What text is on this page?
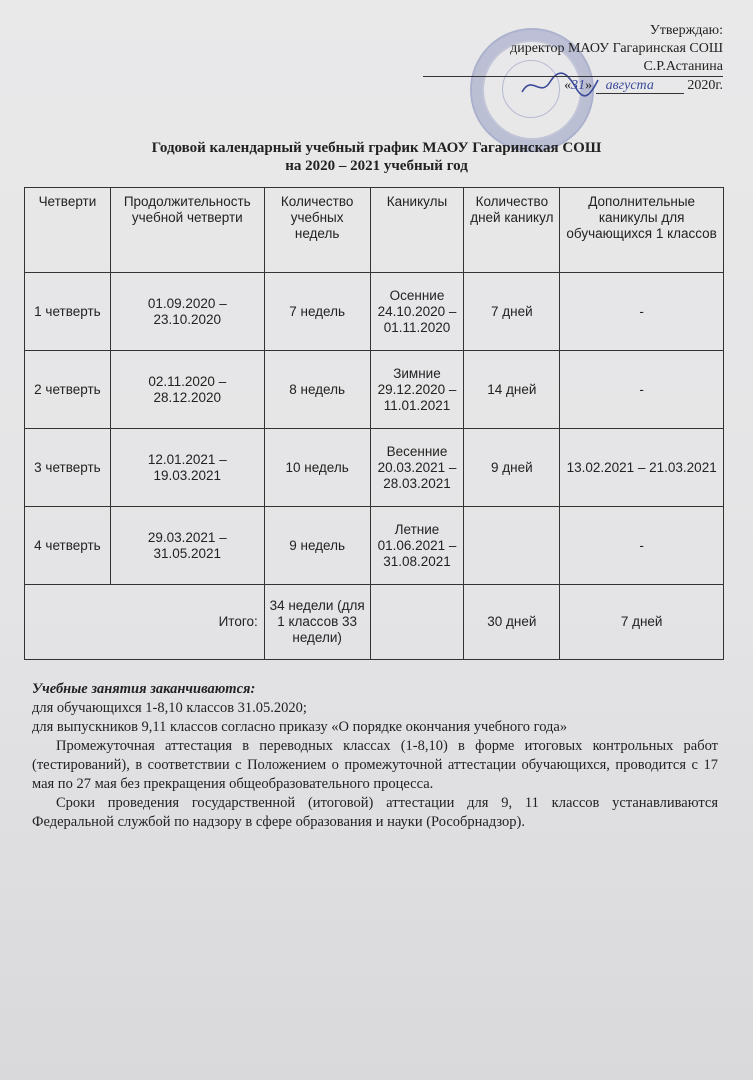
Утверждаю:
директор МАОУ Гагаринская СОШ
С.Р.Астанина
«31» августа 2020г.
Годовой календарный учебный график МАОУ Гагаринская СОШ
на 2020 – 2021 учебный год
Четверти	Продолжительность учебной четверти	Количество учебных недель	Каникулы	Количество дней каникул	Дополнительные каникулы для обучающихся 1 классов
1 четверть	01.09.2020 – 23.10.2020	7 недель	Осенние 24.10.2020 – 01.11.2020	7 дней	-
2 четверть	02.11.2020 – 28.12.2020	8 недель	Зимние 29.12.2020 – 11.01.2021	14 дней	-
3 четверть	12.01.2021 – 19.03.2021	10 недель	Весенние 20.03.2021 – 28.03.2021	9 дней	13.02.2021 – 21.03.2021
4 четверть	29.03.2021 – 31.05.2021	9 недель	Летние 01.06.2021 – 31.08.2021		-
Итого:		34 недели (для 1 классов 33 недели)		30 дней	7 дней

Учебные занятия заканчиваются:

для обучающихся 1-8,10 классов 31.05.2020;

для выпускников 9,11 классов согласно приказу «О порядке окончания учебного года»

Промежуточная аттестация в переводных классах (1-8,10) в форме итоговых контрольных работ (тестирований), в соответствии с Положением о промежуточной аттестации обучающихся, проводится с 17 мая по 27 мая без прекращения общеобразовательного процесса.

Сроки проведения государственной (итоговой) аттестации для 9, 11 классов устанавливаются Федеральной службой по надзору в сфере образования и науки (Рособрнадзор).
